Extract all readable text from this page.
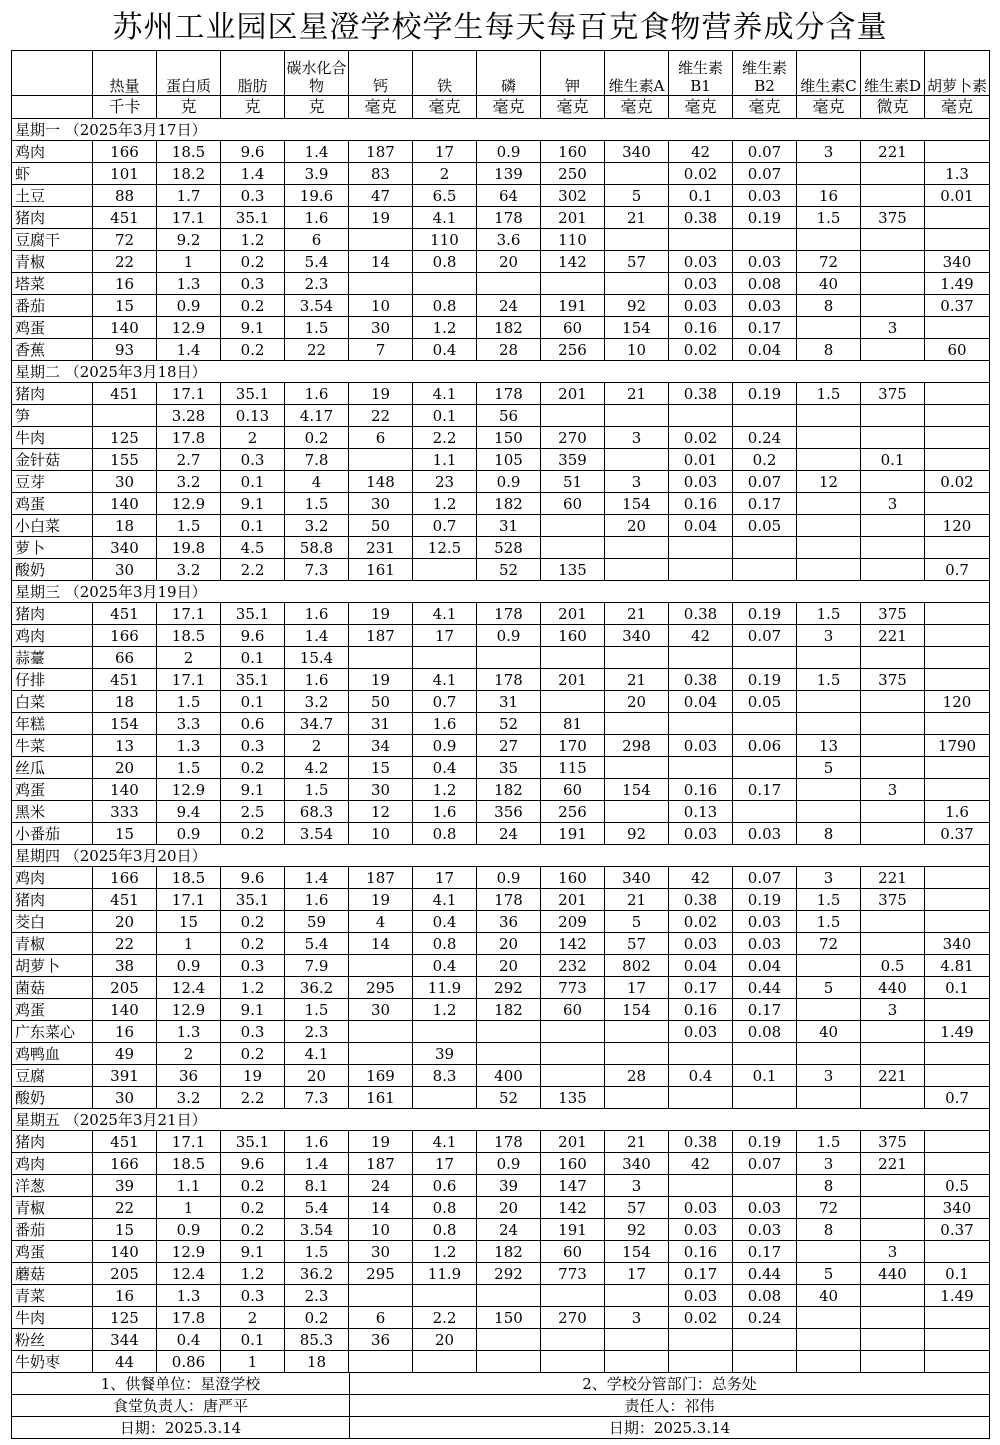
苏州工业园区星澄学校学生每天每百克食物营养成分含量
	热量	蛋白质	脂肪	碳水化合物	钙	铁	磷	钾	维生素A	维生素B1	维生素B2	维生素C	维生素D	胡萝卜素
	千卡	克	克	克	毫克	毫克	毫克	毫克	毫克	毫克	毫克	毫克	微克	毫克
星期一 （2025年3月17日）														
鸡肉	166	18.5	9.6	1.4	187	17	0.9	160	340	42	0.07	3	221	
虾	101	18.2	1.4	3.9	83	2	139	250		0.02	0.07			1.3
土豆	88	1.7	0.3	19.6	47	6.5	64	302	5	0.1	0.03	16		0.01
猪肉	451	17.1	35.1	1.6	19	4.1	178	201	21	0.38	0.19	1.5	375	
豆腐干	72	9.2	1.2	6		110	3.6	110						
青椒	22	1	0.2	5.4	14	0.8	20	142	57	0.03	0.03	72		340
塔菜	16	1.3	0.3	2.3						0.03	0.08	40		1.49
番茄	15	0.9	0.2	3.54	10	0.8	24	191	92	0.03	0.03	8		0.37
鸡蛋	140	12.9	9.1	1.5	30	1.2	182	60	154	0.16	0.17		3	
香蕉	93	1.4	0.2	22	7	0.4	28	256	10	0.02	0.04	8		60
星期二 （2025年3月18日）														
猪肉	451	17.1	35.1	1.6	19	4.1	178	201	21	0.38	0.19	1.5	375	
笋		3.28	0.13	4.17	22	0.1	56							
牛肉	125	17.8	2	0.2	6	2.2	150	270	3	0.02	0.24			
金针菇	155	2.7	0.3	7.8		1.1	105	359		0.01	0.2		0.1	
豆芽	30	3.2	0.1	4	148	23	0.9	51	3	0.03	0.07	12		0.02
鸡蛋	140	12.9	9.1	1.5	30	1.2	182	60	154	0.16	0.17		3	
小白菜	18	1.5	0.1	3.2	50	0.7	31		20	0.04	0.05			120
萝卜	340	19.8	4.5	58.8	231	12.5	528							
酸奶	30	3.2	2.2	7.3	161		52	135						0.7
星期三 （2025年3月19日）														
猪肉	451	17.1	35.1	1.6	19	4.1	178	201	21	0.38	0.19	1.5	375	
鸡肉	166	18.5	9.6	1.4	187	17	0.9	160	340	42	0.07	3	221	
蒜薹	66	2	0.1	15.4										
仔排	451	17.1	35.1	1.6	19	4.1	178	201	21	0.38	0.19	1.5	375	
白菜	18	1.5	0.1	3.2	50	0.7	31		20	0.04	0.05			120
年糕	154	3.3	0.6	34.7	31	1.6	52	81						
牛菜	13	1.3	0.3	2	34	0.9	27	170	298	0.03	0.06	13		1790
丝瓜	20	1.5	0.2	4.2	15	0.4	35	115				5		
鸡蛋	140	12.9	9.1	1.5	30	1.2	182	60	154	0.16	0.17		3	
黑米	333	9.4	2.5	68.3	12	1.6	356	256		0.13				1.6
小番茄	15	0.9	0.2	3.54	10	0.8	24	191	92	0.03	0.03	8		0.37
星期四 （2025年3月20日）														
鸡肉	166	18.5	9.6	1.4	187	17	0.9	160	340	42	0.07	3	221	
猪肉	451	17.1	35.1	1.6	19	4.1	178	201	21	0.38	0.19	1.5	375	
茭白	20	15	0.2	59	4	0.4	36	209	5	0.02	0.03	1.5		
青椒	22	1	0.2	5.4	14	0.8	20	142	57	0.03	0.03	72		340
胡萝卜	38	0.9	0.3	7.9		0.4	20	232	802	0.04	0.04		0.5	4.81
菌菇	205	12.4	1.2	36.2	295	11.9	292	773	17	0.17	0.44	5	440	0.1
鸡蛋	140	12.9	9.1	1.5	30	1.2	182	60	154	0.16	0.17		3	
广东菜心	16	1.3	0.3	2.3						0.03	0.08	40		1.49
鸡鸭血	49	2	0.2	4.1		39								
豆腐	391	36	19	20	169	8.3	400		28	0.4	0.1	3	221	
酸奶	30	3.2	2.2	7.3	161		52	135						0.7
星期五 （2025年3月21日）														
猪肉	451	17.1	35.1	1.6	19	4.1	178	201	21	0.38	0.19	1.5	375	
鸡肉	166	18.5	9.6	1.4	187	17	0.9	160	340	42	0.07	3	221	
洋葱	39	1.1	0.2	8.1	24	0.6	39	147	3			8		0.5
青椒	22	1	0.2	5.4	14	0.8	20	142	57	0.03	0.03	72		340
番茄	15	0.9	0.2	3.54	10	0.8	24	191	92	0.03	0.03	8		0.37
鸡蛋	140	12.9	9.1	1.5	30	1.2	182	60	154	0.16	0.17		3	
蘑菇	205	12.4	1.2	36.2	295	11.9	292	773	17	0.17	0.44	5	440	0.1
青菜	16	1.3	0.3	2.3						0.03	0.08	40		1.49
牛肉	125	17.8	2	0.2	6	2.2	150	270	3	0.02	0.24			
粉丝	344	0.4	0.1	85.3	36	20								
牛奶枣	44	0.86	1	18										
1、供餐单位：星澄学校	2、学校分管部门：总务处
食堂负责人：唐严平	责任人：祁伟
日期：2025.3.14	日期：2025.3.14
